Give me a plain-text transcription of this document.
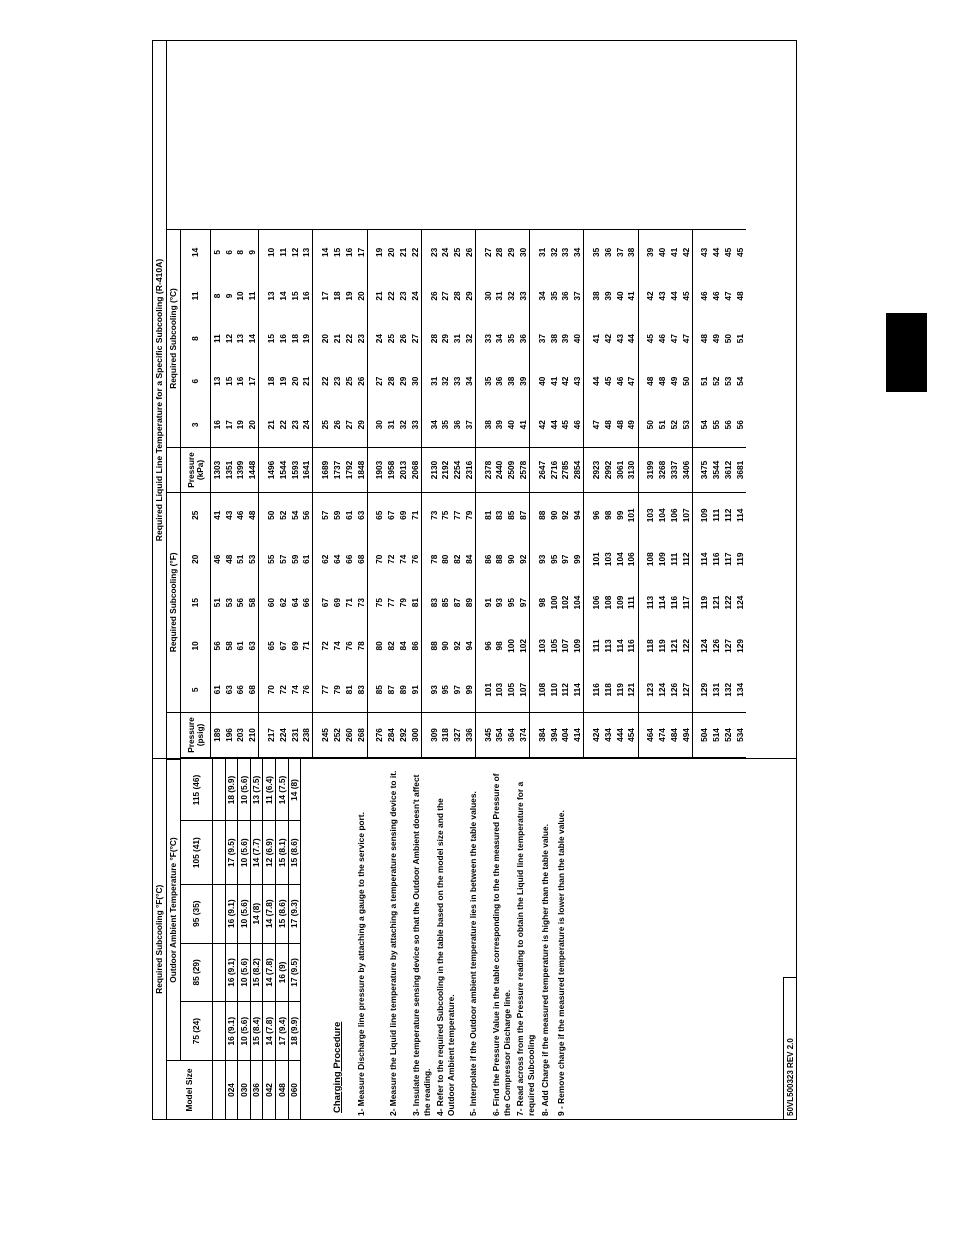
Required Subcooling °F(°C)					
Model Size	Outdoor Ambient Temperature °F(°C)				
	75 (24)	85 (29)	95 (35)	105 (41)	115 (46)

024	16 (9.1)	16 (9.1)	16 (9.1)	17 (9.5)	18 (9.9)
030	10 (5.6)	10 (5.6)	10 (5.6)	10 (5.6)	10 (5.6)
036	15 (8.4)	15 (8.2)	14 (8)	14 (7.7)	13 (7.5)
042	14 (7.8)	14 (7.8)	14 (7.8)	12 (6.9)	11 (6.4)
048	17 (9.4)	16 (9)	15 (8.6)	15 (8.1)	14 (7.5)
060	18 (9.9)	17 (9.5)	17 (9.3)	15 (8.6)	14 (8)
Charging Procedure 1- Measure Discharge line pressure by attaching a gauge to the service port.	2- Measure the Liquid line temperature by attaching a temperature sensing device to it. 3- Insulate the temperature sensing device so that the Outdoor Ambient doesn't affect the reading. 4- Refer to the required Subcooling in the table based on the model size and the Outdoor Ambient temperature. 5- Interpolate if the Outdoor ambient temperature lies in between the table values. 6- Find the Pressure Value in the table corresponding to the the measured Pressure of the Compressor Discharge line. 7- Read across from the Pressure reading to obtain the Liquid line temperature for a required Subcooling 8- Add Charge if the measured temperature is higher than the table value. 9 - Remove charge if the measured temperature is lower than the table value.	50VL500323 REV 2.0
Required Liquid Line Temperature for a Specific Subcooling (R-410A)
	Required Subcooling (°F)				
Pressure (psig)	5	10	15	20	25
189	61	56	51	46	41
196	63	58	53	48	43
203	66	61	56	51	46
210	68	63	58	53	48

217	70	65	60	55	50
224	72	67	62	57	52
231	74	69	64	59	54
238	76	71	66	61	56

245	77	72	67	62	57
252	79	74	69	64	59
260	81	76	71	66	61
268	83	78	73	68	63

276	85	80	75	70	65
284	87	82	77	72	67
292	89	84	79	74	69
300	91	86	81	76	71

309	93	88	83	78	73
318	95	90	85	80	75
327	97	92	87	82	77
336	99	94	89	84	79

345	101	96	91	86	81
354	103	98	93	88	83
364	105	100	95	90	85
374	107	102	97	92	87

384	108	103	98	93	88
394	110	105	100	95	90
404	112	107	102	97	92
414	114	109	104	99	94

424	116	111	106	101	96
434	118	113	108	103	98
444	119	114	109	104	99
454	121	116	111	106	101

464	123	118	113	108	103
474	124	119	114	109	104
484	126	121	116	111	106
494	127	122	117	112	107

504	129	124	119	114	109
514	131	126	121	116	111
524	132	127	122	117	112
534	134	129	124	119	114
	Required Subcooling (°C)				
Pressure (kPa)	3	6	8	11	14
1303	16	13	11	8	5
1351	17	15	12	9	6
1399	19	16	13	10	8
1448	20	17	14	11	9

1496	21	18	15	13	10
1544	22	19	16	14	11
1593	23	20	18	15	12
1641	24	21	19	16	13

1689	25	22	20	17	14
1737	26	23	21	18	15
1792	27	25	22	19	16
1848	29	26	23	20	17

1903	30	27	24	21	19
1958	31	28	25	22	20
2013	32	29	26	23	21
2068	33	30	27	24	22

2130	34	31	28	26	23
2192	35	32	29	27	24
2254	36	33	31	28	25
2316	37	34	32	29	26

2378	38	35	33	30	27
2440	39	36	34	31	28
2509	40	38	35	32	29
2578	41	39	36	33	30

2647	42	40	37	34	31
2716	44	41	38	35	32
2785	45	42	39	36	33
2854	46	43	40	37	34

2923	47	44	41	38	35
2992	48	45	42	39	36
3061	48	46	43	40	37
3130	49	47	44	41	38

3199	50	48	45	42	39
3268	51	48	46	43	40
3337	52	49	47	44	41
3406	53	50	47	45	42

3475	54	51	48	46	43
3544	55	52	49	46	44
3612	56	53	50	47	45
3681	56	54	51	48	45
